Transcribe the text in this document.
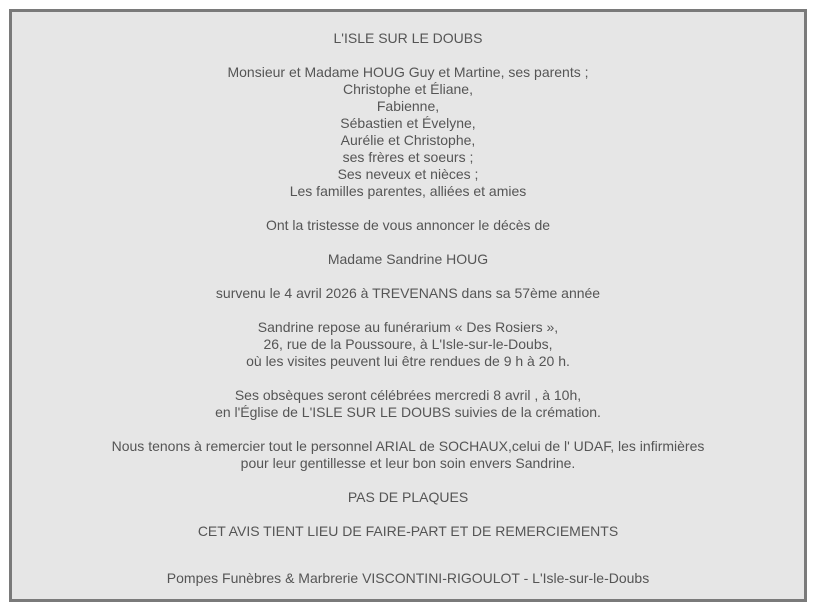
L'ISLE SUR LE DOUBS
Monsieur et Madame HOUG Guy et Martine, ses parents ;
Christophe et Éliane,
Fabienne,
Sébastien et Évelyne,
Aurélie et Christophe,
ses frères et soeurs ;
Ses neveux et nièces ;
Les familles parentes, alliées et amies
Ont la tristesse de vous annoncer le décès de
Madame Sandrine HOUG
survenu le 4 avril 2026 à TREVENANS dans sa 57ème année
Sandrine repose au funérarium « Des Rosiers »,
26, rue de la Poussoure, à L'Isle-sur-le-Doubs,
où les visites peuvent lui être rendues de 9 h à 20 h.
Ses obsèques seront célébrées mercredi 8 avril , à 10h,
en l'Église de L'ISLE SUR LE DOUBS suivies de la crémation.
Nous tenons à remercier tout le personnel ARIAL de SOCHAUX,celui de l' UDAF, les infirmières
pour leur gentillesse et leur bon soin envers Sandrine.
PAS DE PLAQUES
CET AVIS TIENT LIEU DE FAIRE-PART ET DE REMERCIEMENTS
Pompes Funèbres & Marbrerie VISCONTINI-RIGOULOT - L'Isle-sur-le-Doubs
